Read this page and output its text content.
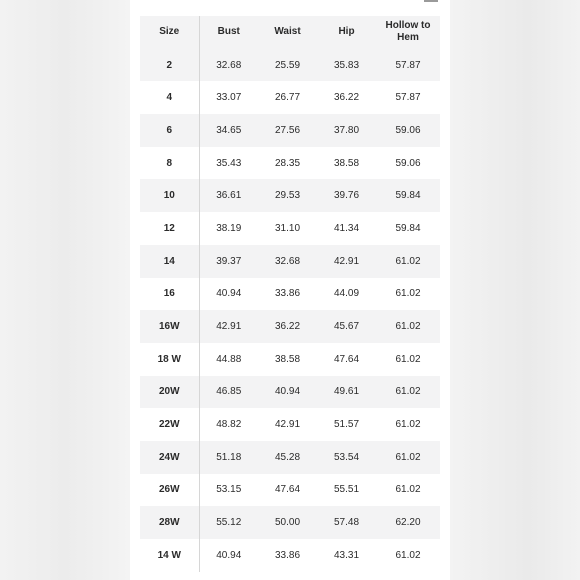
Size	Bust	Waist	Hip	Hollow to Hem
2	32.68	25.59	35.83	57.87
4	33.07	26.77	36.22	57.87
6	34.65	27.56	37.80	59.06
8	35.43	28.35	38.58	59.06
10	36.61	29.53	39.76	59.84
12	38.19	31.10	41.34	59.84
14	39.37	32.68	42.91	61.02
16	40.94	33.86	44.09	61.02
16W	42.91	36.22	45.67	61.02
18 W	44.88	38.58	47.64	61.02
20W	46.85	40.94	49.61	61.02
22W	48.82	42.91	51.57	61.02
24W	51.18	45.28	53.54	61.02
26W	53.15	47.64	55.51	61.02
28W	55.12	50.00	57.48	62.20
14 W	40.94	33.86	43.31	61.02
